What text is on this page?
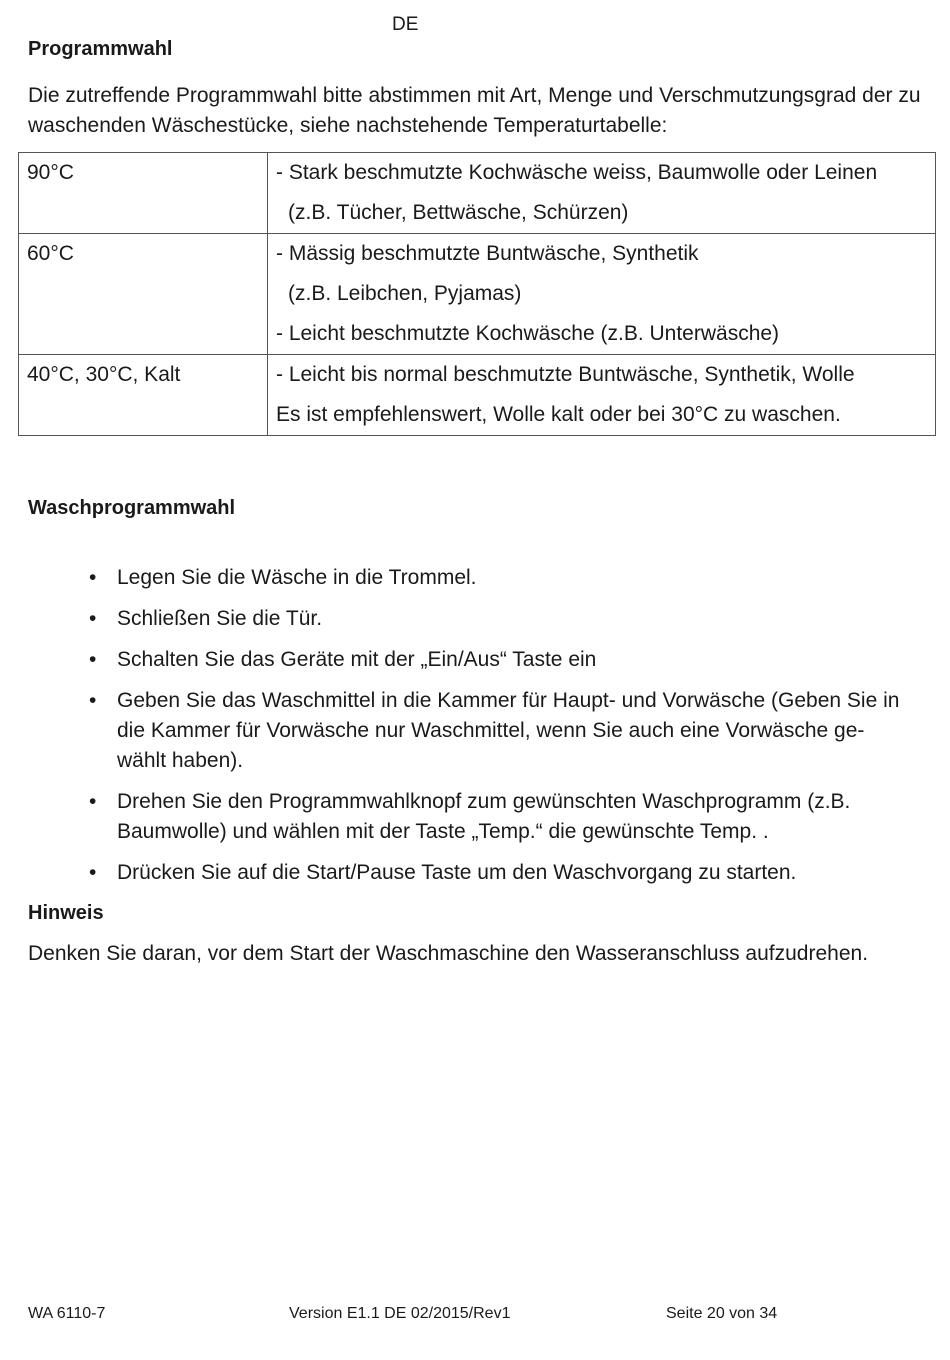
DE
Programmwahl
Die zutreffende Programmwahl bitte abstimmen mit Art, Menge und Verschmutzungsgrad der zu waschenden Wäschestücke, siehe nachstehende Temperaturtabelle:
90°C	- Stark beschmutzte Kochwäsche weiss, Baumwolle oder Leinen
(z.B. Tücher, Bettwäsche, Schürzen)

60°C	- Mässig beschmutzte Buntwäsche, Synthetik
(z.B. Leibchen, Pyjamas)
- Leicht beschmutzte Kochwäsche (z.B. Unterwäsche)

40°C, 30°C, Kalt	- Leicht bis normal beschmutzte Buntwäsche, Synthetik, Wolle
Es ist empfehlenswert, Wolle kalt oder bei 30°C zu waschen.
Waschprogrammwahl
• Legen Sie die Wäsche in die Trommel.
• Schließen Sie die Tür.
• Schalten Sie das Geräte mit der „Ein/Aus“ Taste ein
• Geben Sie das Waschmittel in die Kammer für Haupt- und Vorwäsche (Geben Sie in die Kammer für Vorwäsche nur Waschmittel, wenn Sie auch eine Vorwäsche ge-wählt haben).
• Drehen Sie den Programmwahlknopf zum gewünschten Waschprogramm (z.B. Baumwolle) und wählen mit der Taste „Temp.“ die gewünschte Temp. .
• Drücken Sie auf die Start/Pause Taste um den Waschvorgang zu starten.
Hinweis
Denken Sie daran, vor dem Start der Waschmaschine den Wasseranschluss aufzudrehen.
WA 6110-7	Version E1.1 DE 02/2015/Rev1	Seite 20 von 34
